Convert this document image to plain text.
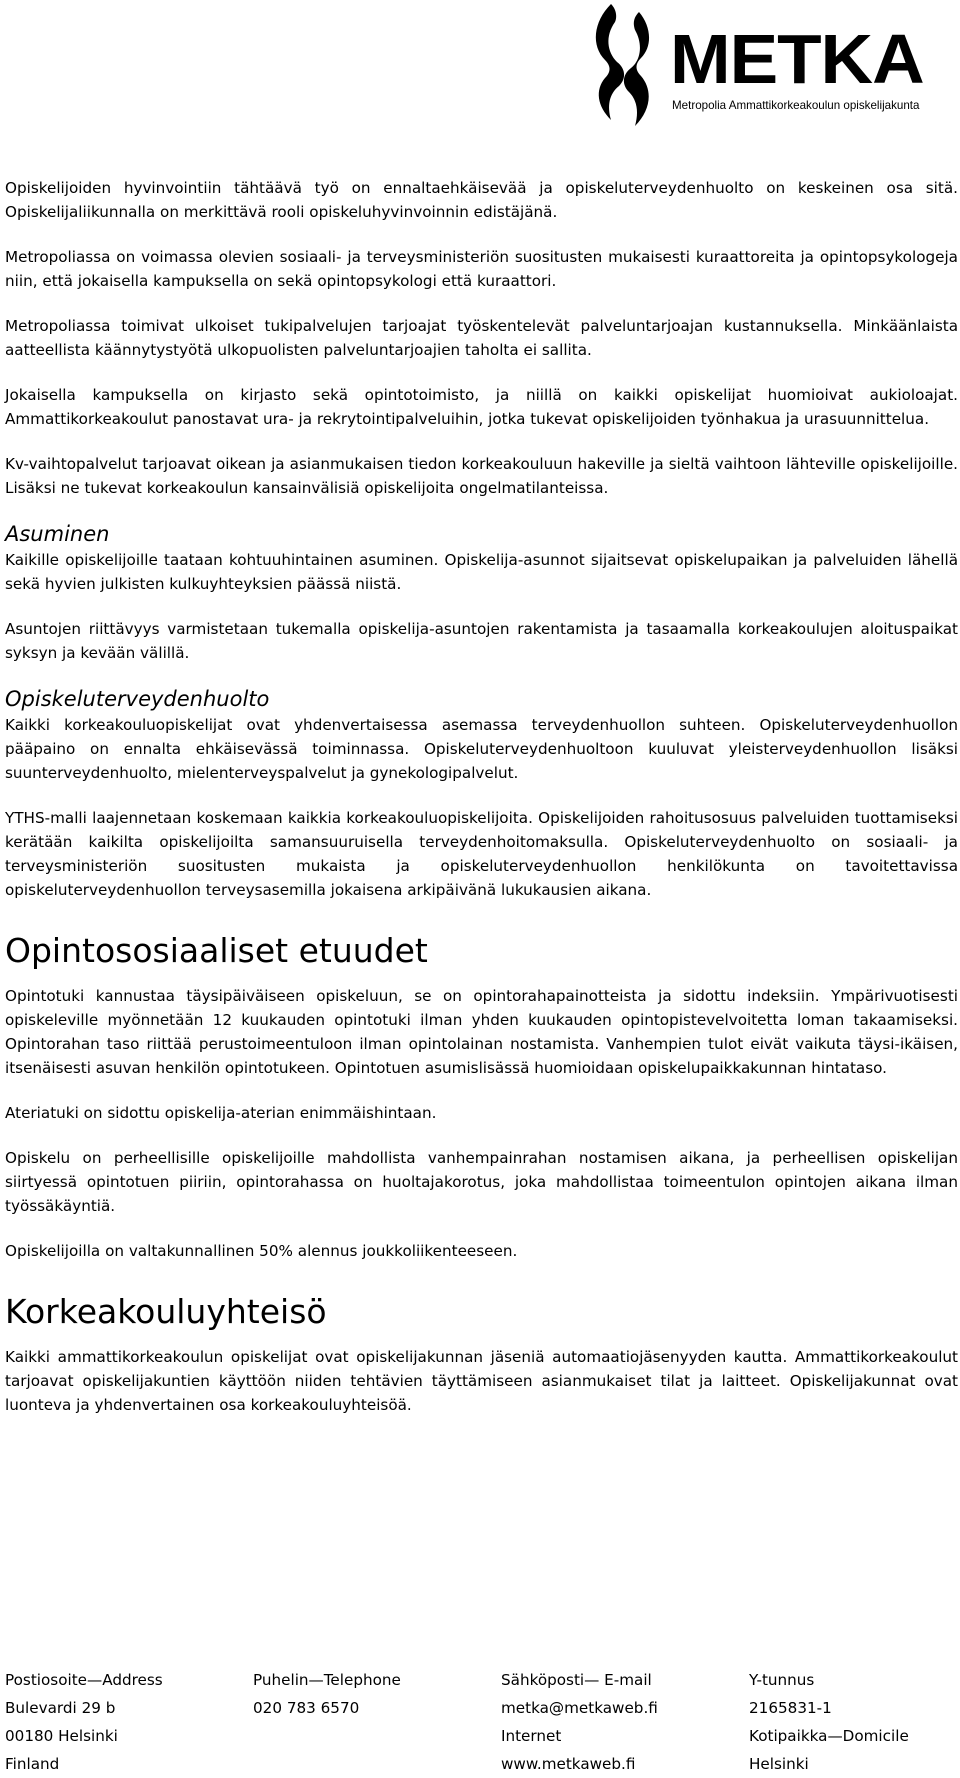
METKA
Metropolia Ammattikorkeakoulun opiskelijakunta

Opiskelijoiden hyvinvointiin tähtäävä työ on ennaltaehkäisevää ja opiskeluterveydenhuolto on keskeinen osa sitä. Opiskelijaliikunnalla on merkittävä rooli opiskeluhyvinvoinnin edistäjänä.

Metropoliassa on voimassa olevien sosiaali- ja terveysministeriön suositusten mukaisesti kuraattoreita ja opintopsykologeja niin, että jokaisella kampuksella on sekä opintopsykologi että kuraattori.

Metropoliassa toimivat ulkoiset tukipalvelujen tarjoajat työskentelevät palveluntarjoajan kustannuksella. Minkäänlaista aatteellista käännytystyötä ulkopuolisten palveluntarjoajien taholta ei sallita.

Jokaisella kampuksella on kirjasto sekä opintotoimisto, ja niillä on kaikki opiskelijat huomioivat aukioloajat. Ammattikorkeakoulut panostavat ura- ja rekrytointipalveluihin, jotka tukevat opiskelijoiden työnhakua ja urasuunnittelua.

Kv-vaihtopalvelut tarjoavat oikean ja asianmukaisen tiedon korkeakouluun hakeville ja sieltä vaihtoon lähteville opiskelijoille. Lisäksi ne tukevat korkeakoulun kansainvälisiä opiskelijoita ongelmatilanteissa.

Asuminen

Kaikille opiskelijoille taataan kohtuuhintainen asuminen. Opiskelija-asunnot sijaitsevat opiskelupaikan ja palveluiden lähellä sekä hyvien julkisten kulkuyhteyksien päässä niistä.

Asuntojen riittävyys varmistetaan tukemalla opiskelija-asuntojen rakentamista ja tasaamalla korkeakoulujen aloituspaikat syksyn ja kevään välillä.

Opiskeluterveydenhuolto

Kaikki korkeakouluopiskelijat ovat yhdenvertaisessa asemassa terveydenhuollon suhteen. Opiskeluterveydenhuollon pääpaino on ennalta ehkäisevässä toiminnassa. Opiskeluterveydenhuoltoon kuuluvat yleisterveydenhuollon lisäksi suunterveydenhuolto, mielenterveyspalvelut ja gynekologipalvelut.

YTHS-malli laajennetaan koskemaan kaikkia korkeakouluopiskelijoita. Opiskelijoiden rahoitusosuus palveluiden tuottamiseksi kerätään kaikilta opiskelijoilta samansuuruisella terveydenhoitomaksulla. Opiskeluterveydenhuolto on sosiaali- ja terveysministeriön suositusten mukaista ja opiskeluterveydenhuollon henkilökunta on tavoitettavissa opiskeluterveydenhuollon terveysasemilla jokaisena arkipäivänä lukukausien aikana.

Opintososiaaliset etuudet

Opintotuki kannustaa täysipäiväiseen opiskeluun, se on opintorahapainotteista ja sidottu indeksiin. Ympärivuotisesti opiskeleville myönnetään 12 kuukauden opintotuki ilman yhden kuukauden opintopistevelvoitetta loman takaamiseksi. Opintorahan taso riittää perustoimeentuloon ilman opintolainan nostamista. Vanhempien tulot eivät vaikuta täysi-ikäisen, itsenäisesti asuvan henkilön opintotukeen. Opintotuen asumislisässä huomioidaan opiskelupaikkakunnan hintataso.

Ateriatuki on sidottu opiskelija-aterian enimmäishintaan.

Opiskelu on perheellisille opiskelijoille mahdollista vanhempainrahan nostamisen aikana, ja perheellisen opiskelijan siirtyessä opintotuen piiriin, opintorahassa on huoltajakorotus, joka mahdollistaa toimeentulon opintojen aikana ilman työssäkäyntiä.

Opiskelijoilla on valtakunnallinen 50% alennus joukkoliikenteeseen.

Korkeakouluyhteisö

Kaikki ammattikorkeakoulun opiskelijat ovat opiskelijakunnan jäseniä automaatiojäsenyyden kautta. Ammattikorkeakoulut tarjoavat opiskelijakuntien käyttöön niiden tehtävien täyttämiseen asianmukaiset tilat ja laitteet. Opiskelijakunnat ovat luonteva ja yhdenvertainen osa korkeakouluyhteisöä.

Postiosoite—Address
Bulevardi 29 b
00180 Helsinki
Finland
Puhelin—Telephone
020 783 6570
Sähköposti— E-mail
metka@metkaweb.fi
Internet
www.metkaweb.fi
Y-tunnus
2165831-1
Kotipaikka—Domicile
Helsinki
